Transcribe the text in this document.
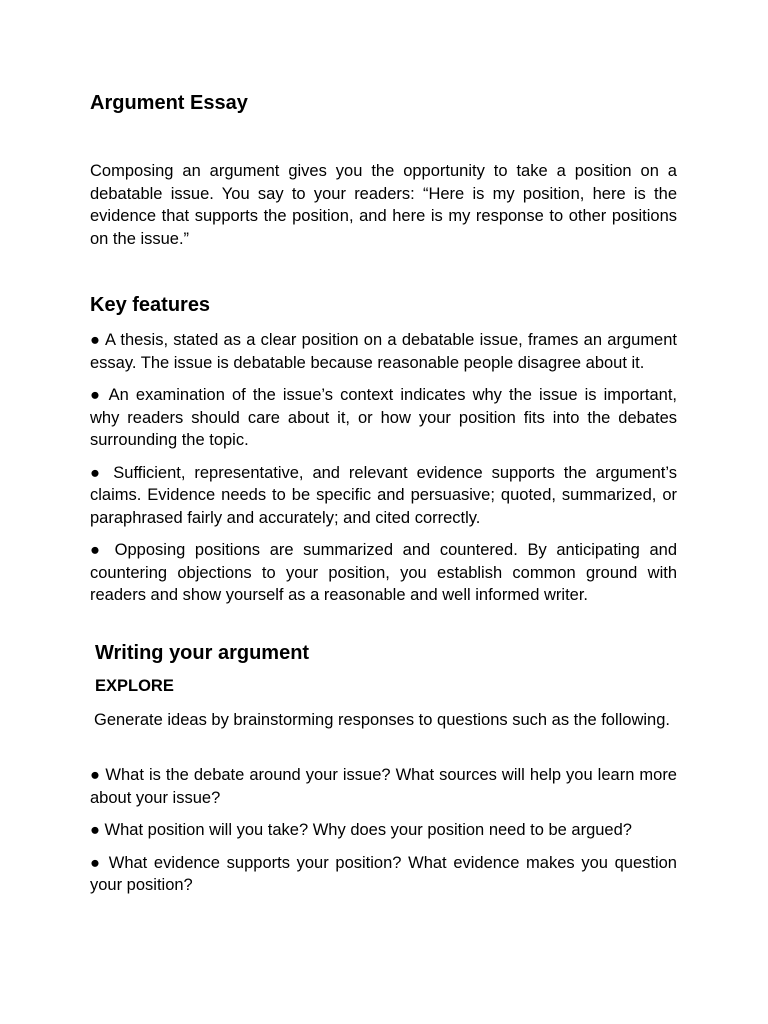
Argument Essay

Composing an argument gives you the opportunity to take a position on a debatable issue. You say to your readers: “Here is my position, here is the evidence that supports the position, and here is my response to other positions on the issue.”

Key features
● A thesis, stated as a clear position on a debatable issue, frames an argument essay. The issue is debatable because reasonable people disagree about it.
● An examination of the issue’s context indicates why the issue is important, why readers should care about it, or how your position fits into the debates surrounding the topic.
● Sufficient, representative, and relevant evidence supports the argument’s claims. Evidence needs to be specific and persuasive; quoted, summarized, or paraphrased fairly and accurately; and cited correctly.
● Opposing positions are summarized and countered. By anticipating and countering objections to your position, you establish common ground with readers and show yourself as a reasonable and well informed writer.
Writing your argument
EXPLORE

Generate ideas by brainstorming responses to questions such as the following.

● What is the debate around your issue? What sources will help you learn more about your issue?
● What position will you take? Why does your position need to be argued?
● What evidence supports your position? What evidence makes you question your position?
